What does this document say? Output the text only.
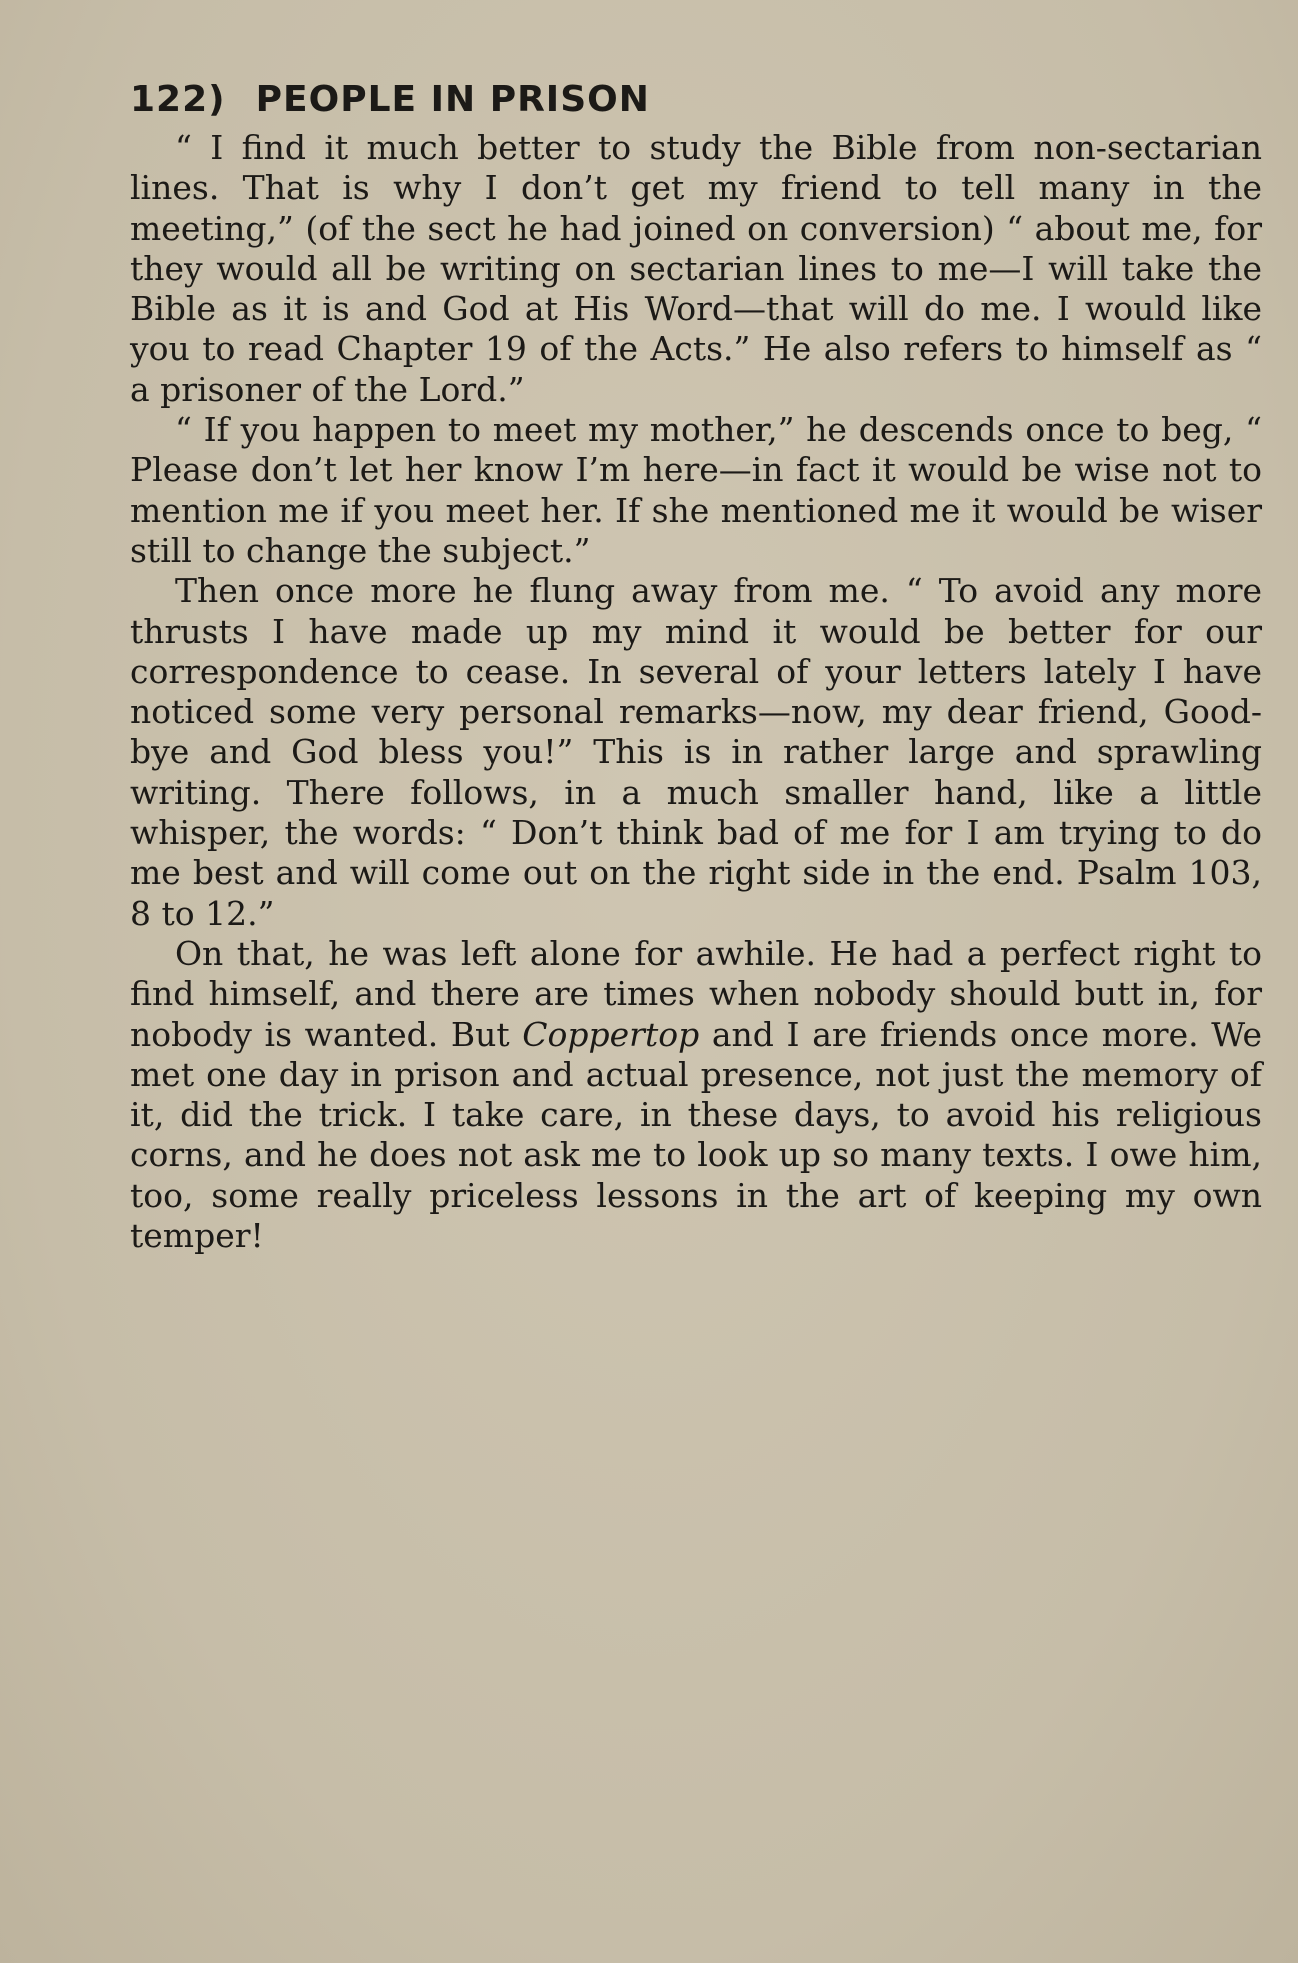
122) PEOPLE IN PRISON

“ I find it much better to study the Bible from non-sectarian lines. That is why I don’t get my friend to tell many in the meeting,” (of the sect he had joined on conversion) “ about me, for they would all be writing on sectarian lines to me—I will take the Bible as it is and God at His Word—that will do me. I would like you to read Chapter 19 of the Acts.” He also refers to himself as “ a prisoner of the Lord.”

“ If you happen to meet my mother,” he descends once to beg, “ Please don’t let her know I’m here—in fact it would be wise not to mention me if you meet her. If she mentioned me it would be wiser still to change the subject.”

Then once more he flung away from me. “ To avoid any more thrusts I have made up my mind it would be better for our correspondence to cease. In several of your letters lately I have noticed some very personal remarks—now, my dear friend, Good-bye and God bless you!” This is in rather large and sprawling writing. There follows, in a much smaller hand, like a little whisper, the words: “ Don’t think bad of me for I am trying to do me best and will come out on the right side in the end. Psalm 103, 8 to 12.”

On that, he was left alone for awhile. He had a perfect right to find himself, and there are times when nobody should butt in, for nobody is wanted. But Coppertop and I are friends once more. We met one day in prison and actual presence, not just the memory of it, did the trick. I take care, in these days, to avoid his religious corns, and he does not ask me to look up so many texts. I owe him, too, some really priceless lessons in the art of keeping my own temper!
